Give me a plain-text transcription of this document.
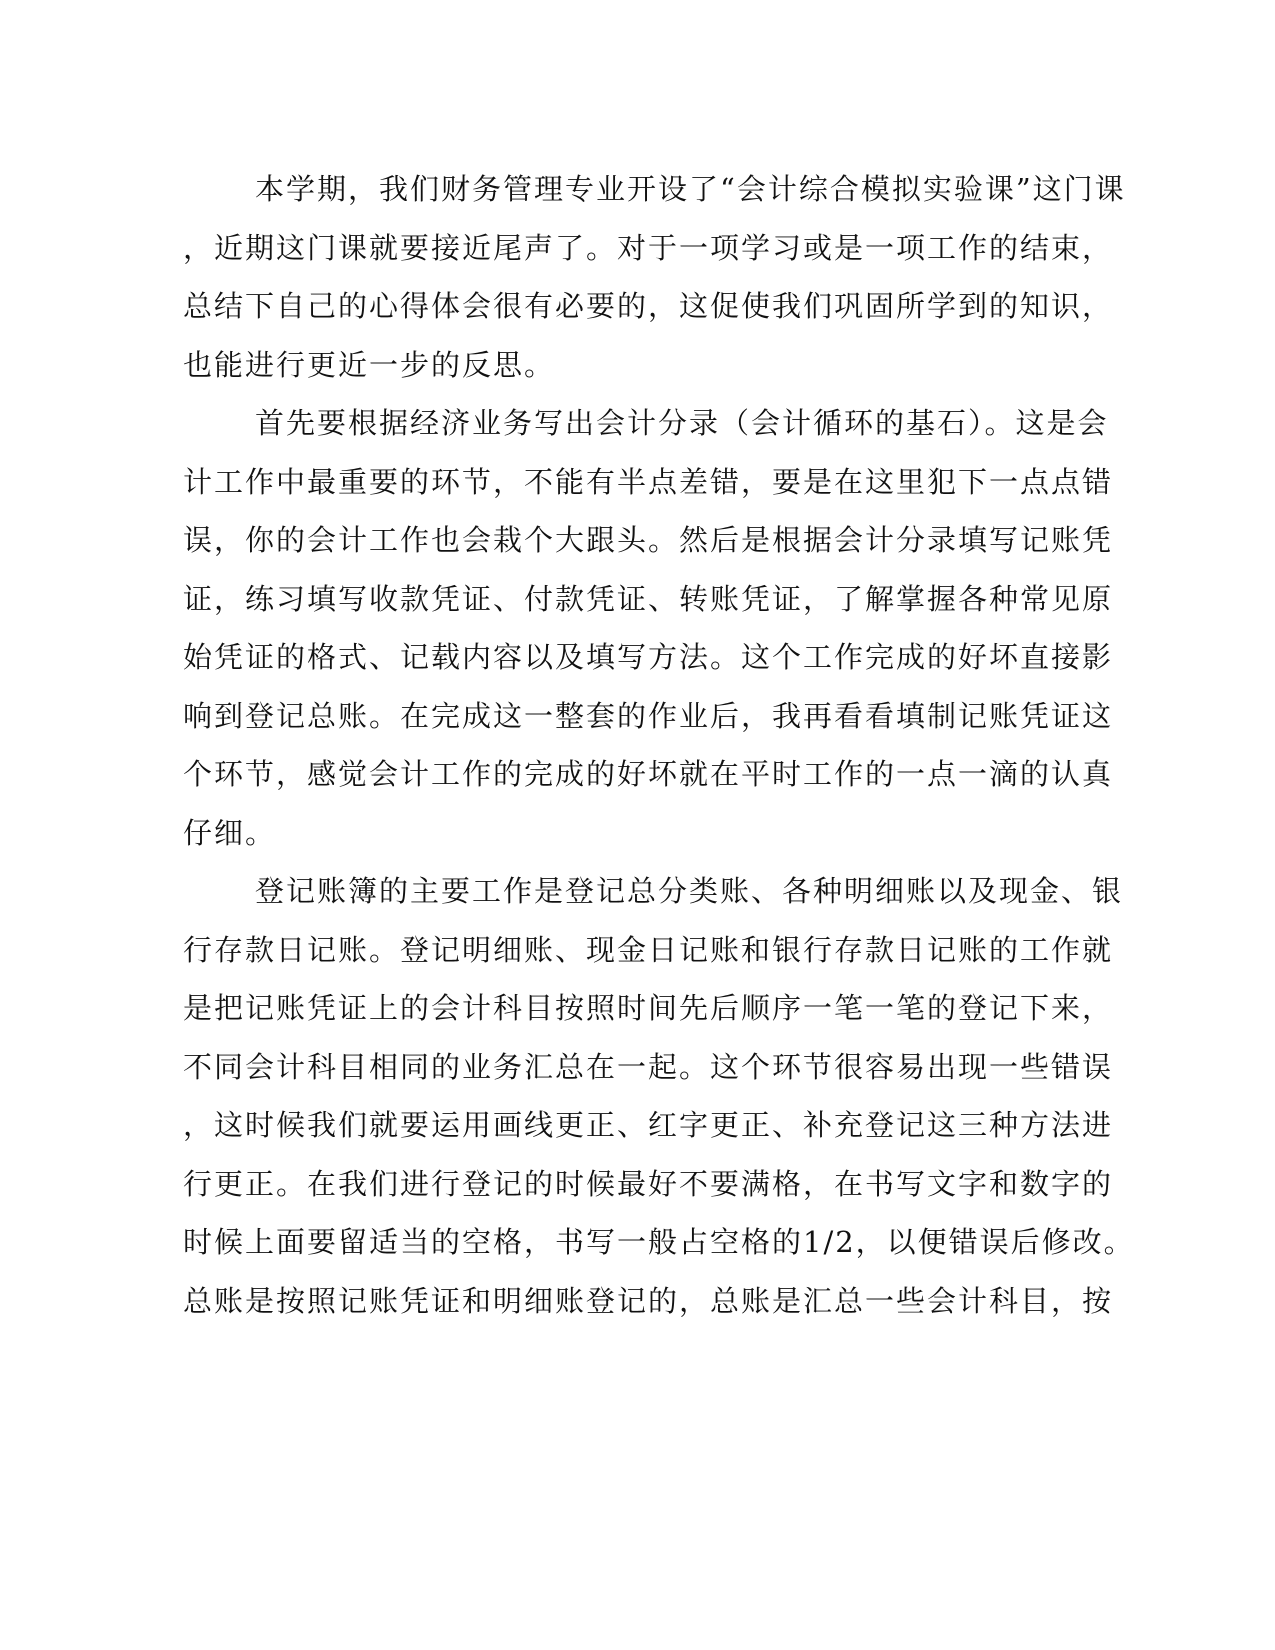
本学期，我们财务管理专业开设了“会计综合模拟实验课”这门课
，近期这门课就要接近尾声了。对于一项学习或是一项工作的结束，
总结下自己的心得体会很有必要的，这促使我们巩固所学到的知识，
也能进行更近一步的反思。
首先要根据经济业务写出会计分录（会计循环的基石）。这是会
计工作中最重要的环节，不能有半点差错，要是在这里犯下一点点错
误，你的会计工作也会栽个大跟头。然后是根据会计分录填写记账凭
证，练习填写收款凭证、付款凭证、转账凭证，了解掌握各种常见原
始凭证的格式、记载内容以及填写方法。这个工作完成的好坏直接影
响到登记总账。在完成这一整套的作业后，我再看看填制记账凭证这
个环节，感觉会计工作的完成的好坏就在平时工作的一点一滴的认真
仔细。
登记账簿的主要工作是登记总分类账、各种明细账以及现金、银
行存款日记账。登记明细账、现金日记账和银行存款日记账的工作就
是把记账凭证上的会计科目按照时间先后顺序一笔一笔的登记下来，
不同会计科目相同的业务汇总在一起。这个环节很容易出现一些错误
，这时候我们就要运用画线更正、红字更正、补充登记这三种方法进
行更正。在我们进行登记的时候最好不要满格，在书写文字和数字的
时候上面要留适当的空格，书写一般占空格的1/2，以便错误后修改。
总账是按照记账凭证和明细账登记的，总账是汇总一些会计科目，按
